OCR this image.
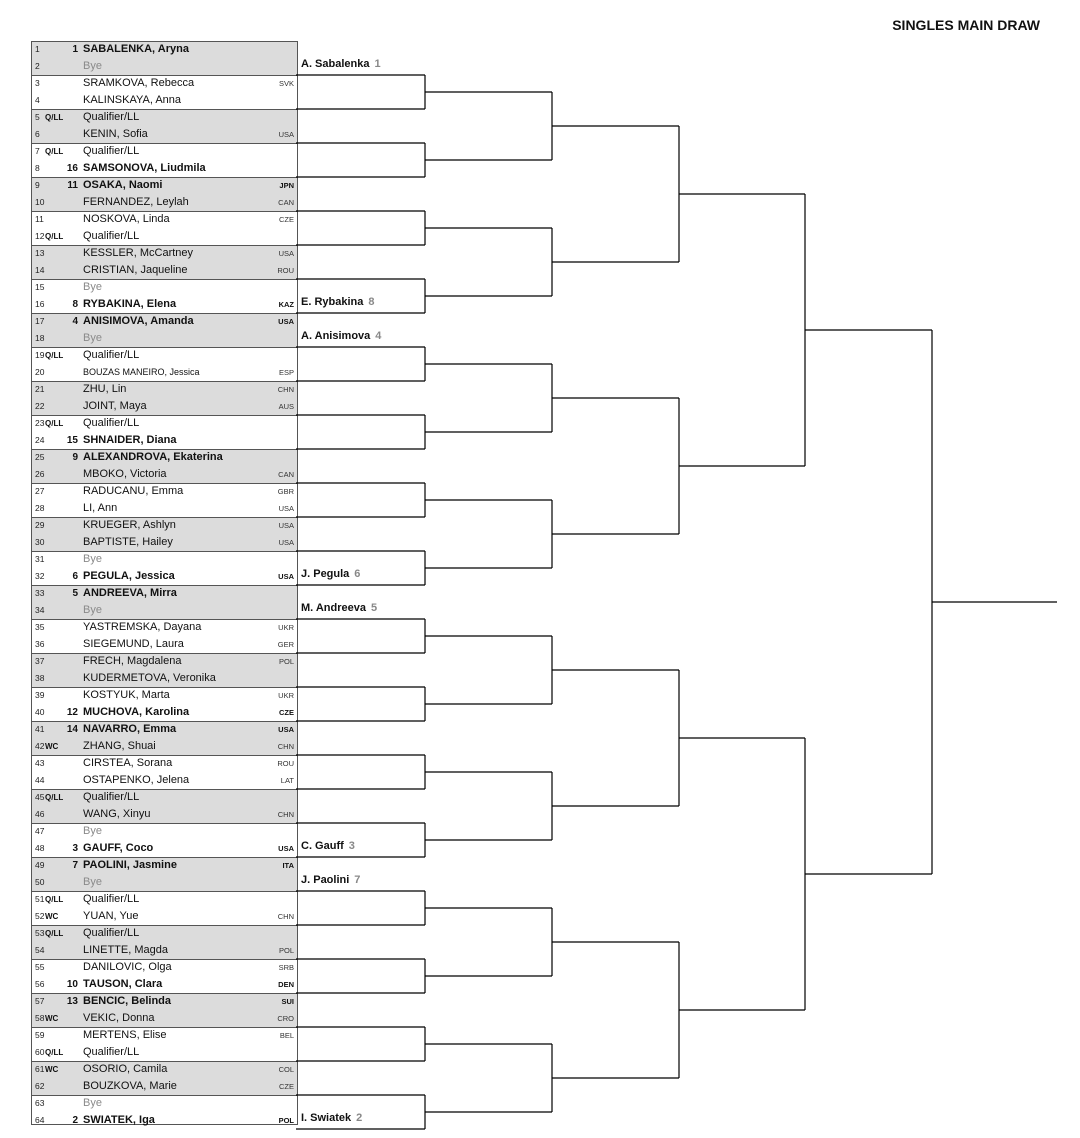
SINGLES MAIN DRAW
1	1 SABALENKA, Aryna
2	Bye
3	SRAMKOVA, Rebecca	SVK
4	KALINSKAYA, Anna
5 Q/LL Qualifier/LL
6	KENIN, Sofia	USA
7 Q/LL Qualifier/LL
8	16 SAMSONOVA, Liudmila
9	11 OSAKA, Naomi	JPN
10	FERNANDEZ, Leylah	CAN
11	NOSKOVA, Linda	CZE
12 Q/LL Qualifier/LL
13	KESSLER, McCartney	USA
14	CRISTIAN, Jaqueline	ROU
15	Bye
16	8 RYBAKINA, Elena	KAZ
17	4 ANISIMOVA, Amanda	USA
18	Bye
19 Q/LL Qualifier/LL
20	BOUZAS MANEIRO, Jessica	ESP
21	ZHU, Lin	CHN
22	JOINT, Maya	AUS
23 Q/LL Qualifier/LL
24	15 SHNAIDER, Diana
25	9 ALEXANDROVA, Ekaterina
26	MBOKO, Victoria	CAN
27	RADUCANU, Emma	GBR
28	LI, Ann	USA
29	KRUEGER, Ashlyn	USA
30	BAPTISTE, Hailey	USA
31	Bye
32	6 PEGULA, Jessica	USA
33	5 ANDREEVA, Mirra
34	Bye
35	YASTREMSKA, Dayana	UKR
36	SIEGEMUND, Laura	GER
37	FRECH, Magdalena	POL
38	KUDERMETOVA, Veronika
39	KOSTYUK, Marta	UKR
40	12 MUCHOVA, Karolina	CZE
41	14 NAVARRO, Emma	USA
42 WC ZHANG, Shuai	CHN
43	CIRSTEA, Sorana	ROU
44	OSTAPENKO, Jelena	LAT
45 Q/LL Qualifier/LL
46	WANG, Xinyu	CHN
47	Bye
48	3 GAUFF, Coco	USA
49	7 PAOLINI, Jasmine	ITA
50	Bye
51 Q/LL Qualifier/LL
52 WC YUAN, Yue	CHN
53 Q/LL Qualifier/LL
54	LINETTE, Magda	POL
55	DANILOVIC, Olga	SRB
56	10 TAUSON, Clara	DEN
57	13 BENCIC, Belinda	SUI
58 WC VEKIC, Donna	CRO
59	MERTENS, Elise	BEL
60 Q/LL Qualifier/LL
61 WC OSORIO, Camila	COL
62	BOUZKOVA, Marie	CZE
63	Bye
64	2 SWIATEK, Iga	POL
A. Sabalenka 1
E. Rybakina 8
A. Anisimova 4
J. Pegula 6
M. Andreeva 5
C. Gauff 3
J. Paolini 7
I. Swiatek 2
